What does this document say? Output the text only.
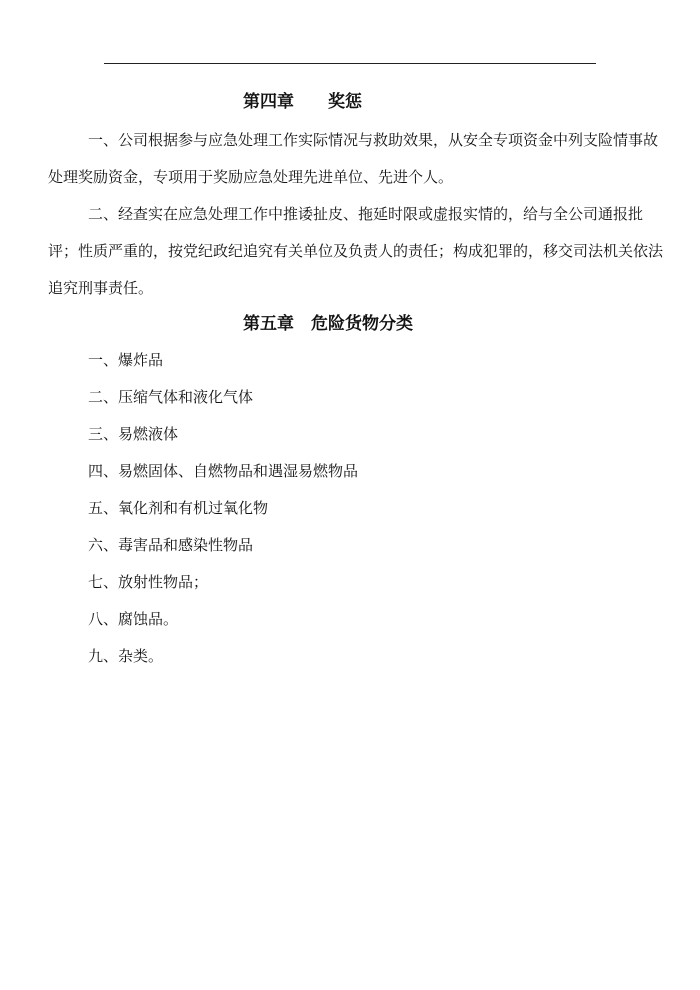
第四章　　奖惩

一、公司根据参与应急处理工作实际情况与救助效果，从安全专项资金中列支险情事故处理奖励资金，专项用于奖励应急处理先进单位、先进个人。

二、经查实在应急处理工作中推诿扯皮、拖延时限或虚报实情的，给与全公司通报批评；性质严重的，按党纪政纪追究有关单位及负责人的责任；构成犯罪的，移交司法机关依法追究刑事责任。

第五章　危险货物分类
一、爆炸品
二、压缩气体和液化气体
三、易燃液体
四、易燃固体、自燃物品和遇湿易燃物品
五、氧化剂和有机过氧化物
六、毒害品和感染性物品
七、放射性物品；
八、腐蚀品。
九、杂类。
